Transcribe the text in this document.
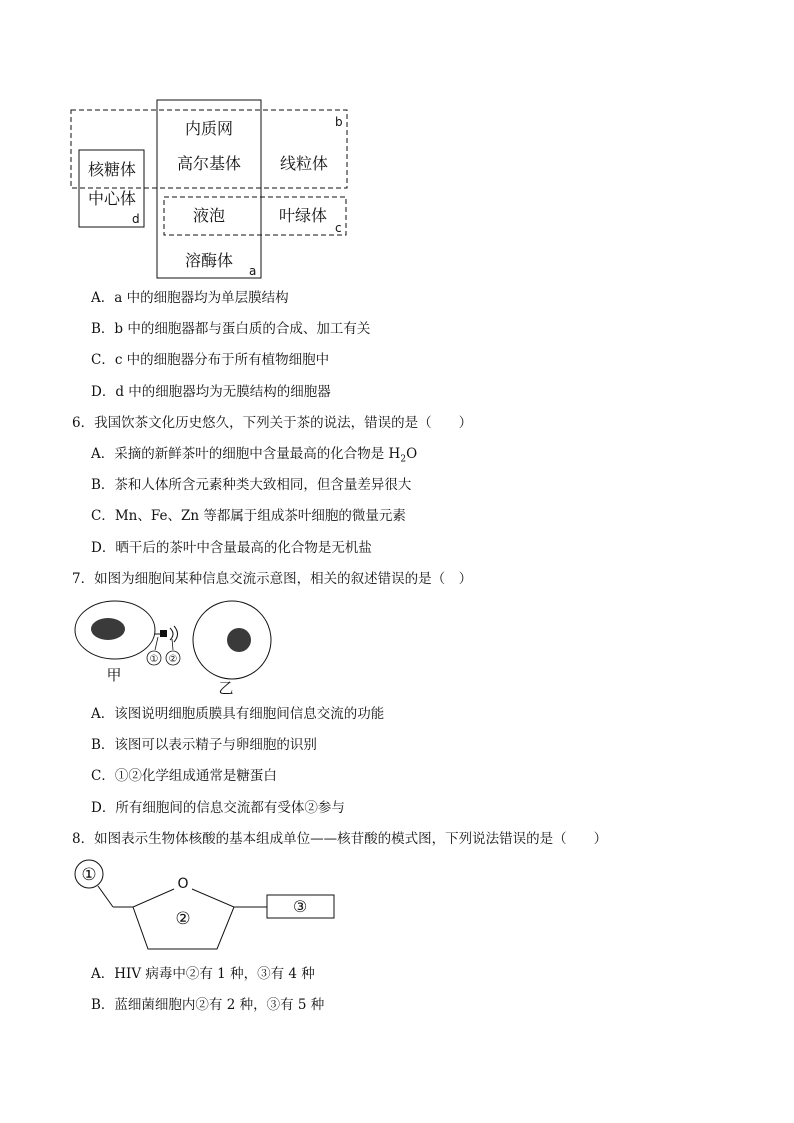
内质网
高尔基体 线粒体
核糖体
中心体
液泡	叶绿体
溶酶体
a
b
c
d
A．a 中的细胞器均为单层膜结构
B．b 中的细胞器都与蛋白质的合成、加工有关
C．c 中的细胞器分布于所有植物细胞中
D．d 中的细胞器均为无膜结构的细胞器
6．我国饮茶文化历史悠久，下列关于茶的说法，错误的是（　　）
A．采摘的新鲜茶叶的细胞中含量最高的化合物是 $H_2O$
B．茶和人体所含元素种类大致相同，但含量差异很大
C．Mn、Fe、Zn 等都属于组成茶叶细胞的微量元素
D．晒干后的茶叶中含量最高的化合物是无机盐
7．如图为细胞间某种信息交流示意图，相关的叙述错误的是（　）
① ②
甲
乙
A．该图说明细胞质膜具有细胞间信息交流的功能
B．该图可以表示精子与卵细胞的识别
C．①②化学组成通常是糖蛋白
D．所有细胞间的信息交流都有受体②参与
8．如图表示生物体核酸的基本组成单位——核苷酸的模式图，下列说法错误的是（　　）
①	O
②
③
A．HIV 病毒中②有 1 种，③有 4 种
B．蓝细菌细胞内②有 2 种，③有 5 种
